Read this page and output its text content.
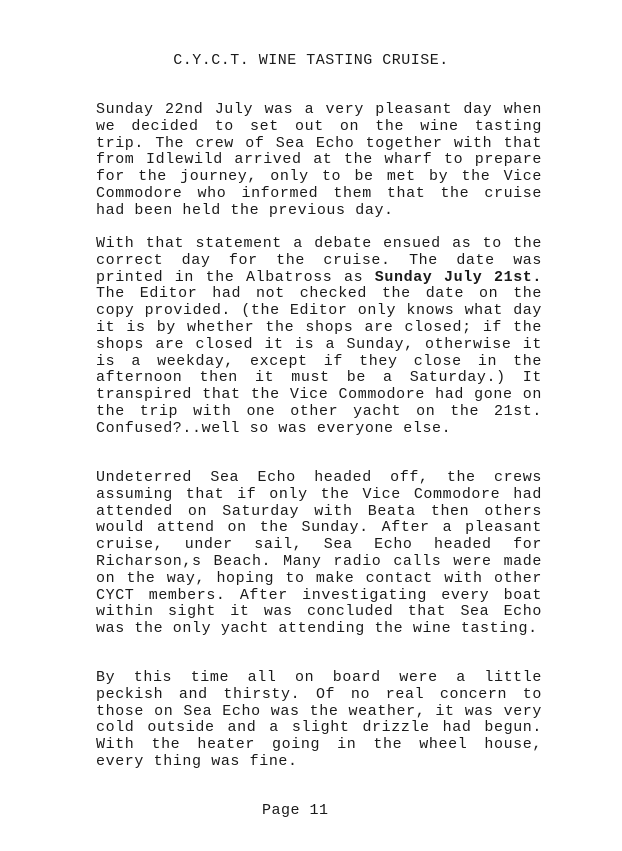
C.Y.C.T. WINE TASTING CRUISE.

Sunday 22nd July was a very pleasant day when we decided to set out on the wine tasting trip. The crew of Sea Echo together with that from Idlewild arrived at the wharf to prepare for the journey, only to be met by the Vice Commodore who informed them that the cruise had been held the previous day.

With that statement a debate ensued as to the correct day for the cruise. The date was printed in the Albatross as Sunday July 21st. The Editor had not checked the date on the copy provided. (the Editor only knows what day it is by whether the shops are closed; if the shops are closed it is a Sunday, otherwise it is a weekday, except if they close in the afternoon then it must be a Saturday.) It transpired that the Vice Commodore had gone on the trip with one other yacht on the 21st. Confused?..well so was everyone else.

Undeterred Sea Echo headed off, the crews assuming that if only the Vice Commodore had attended on Saturday with Beata then others would attend on the Sunday. After a pleasant cruise, under sail, Sea Echo headed for Richarson,s Beach. Many radio calls were made on the way, hoping to make contact with other CYCT members. After investigating every boat within sight it was concluded that Sea Echo was the only yacht attending the wine tasting.

By this time all on board were a little peckish and thirsty. Of no real concern to those on Sea Echo was the weather, it was very cold outside and a slight drizzle had begun. With the heater going in the wheel house, every thing was fine.

Page 11
